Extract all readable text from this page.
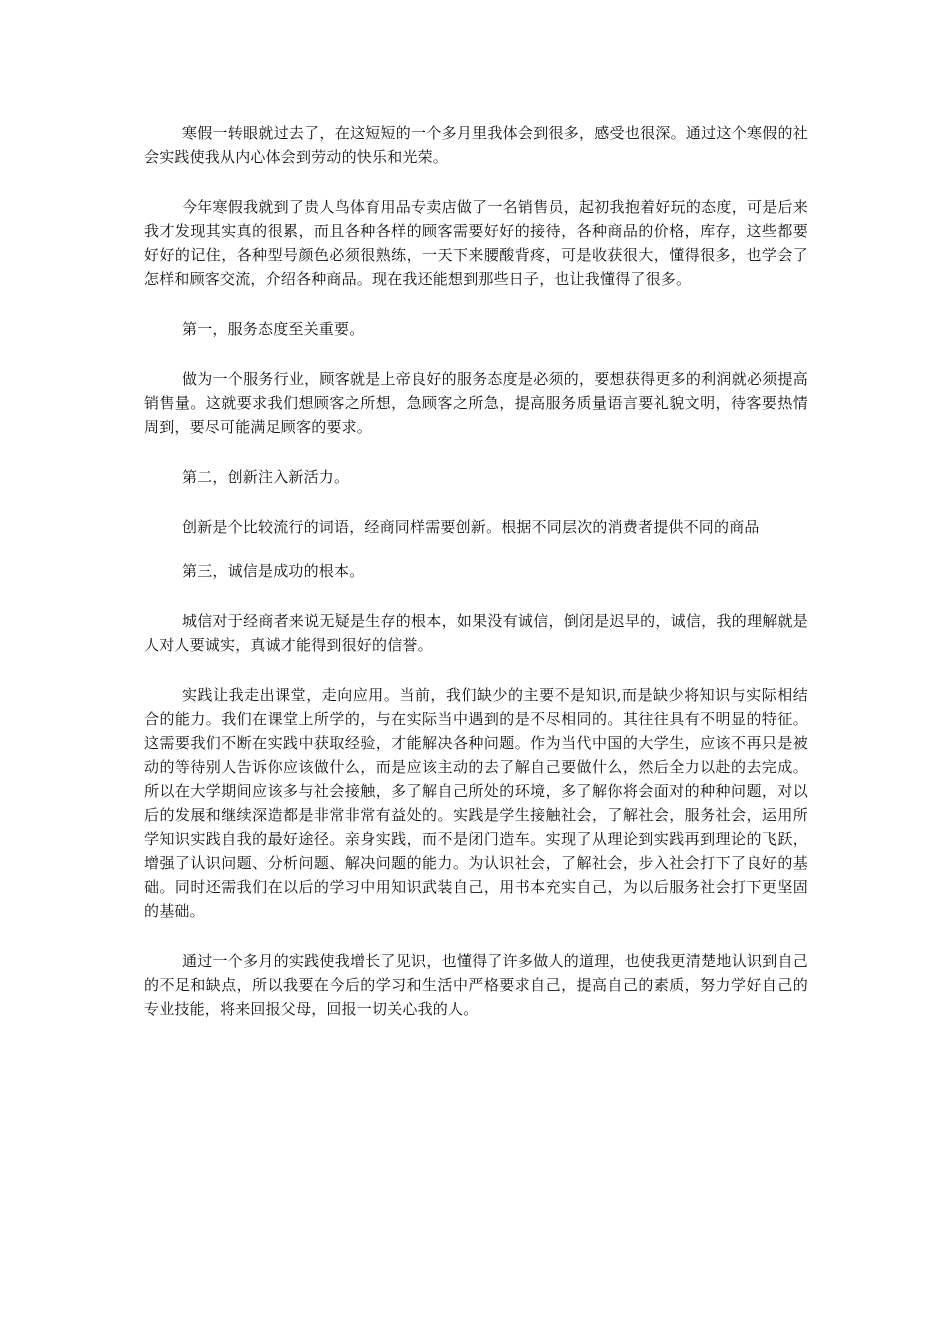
寒假一转眼就过去了，在这短短的一个多月里我体会到很多，感受也很深。通过这个寒假的社会实践使我从内心体会到劳动的快乐和光荣。

今年寒假我就到了贵人鸟体育用品专卖店做了一名销售员，起初我抱着好玩的态度，可是后来我才发现其实真的很累，而且各种各样的顾客需要好好的接待，各种商品的价格，库存，这些都要好好的记住，各种型号颜色必须很熟练，一天下来腰酸背疼，可是收获很大，懂得很多，也学会了怎样和顾客交流，介绍各种商品。现在我还能想到那些日子，也让我懂得了很多。

第一，服务态度至关重要。

做为一个服务行业，顾客就是上帝良好的服务态度是必须的，要想获得更多的利润就必须提高销售量。这就要求我们想顾客之所想，急顾客之所急，提高服务质量语言要礼貌文明，待客要热情周到，要尽可能满足顾客的要求。

第二，创新注入新活力。

创新是个比较流行的词语，经商同样需要创新。根据不同层次的消费者提供不同的商品

第三，诚信是成功的根本。

城信对于经商者来说无疑是生存的根本，如果没有诚信，倒闭是迟早的，诚信，我的理解就是人对人要诚实，真诚才能得到很好的信誉。

实践让我走出课堂，走向应用。当前，我们缺少的主要不是知识,而是缺少将知识与实际相结合的能力。我们在课堂上所学的，与在实际当中遇到的是不尽相同的。其往往具有不明显的特征。这需要我们不断在实践中获取经验，才能解决各种问题。作为当代中国的大学生，应该不再只是被动的等待别人告诉你应该做什么，而是应该主动的去了解自己要做什么，然后全力以赴的去完成。所以在大学期间应该多与社会接触，多了解自己所处的环境，多了解你将会面对的种种问题，对以后的发展和继续深造都是非常非常有益处的。实践是学生接触社会，了解社会，服务社会，运用所学知识实践自我的最好途径。亲身实践，而不是闭门造车。实现了从理论到实践再到理论的飞跃，增强了认识问题、分析问题、解决问题的能力。为认识社会，了解社会，步入社会打下了良好的基础。同时还需我们在以后的学习中用知识武装自己，用书本充实自己，为以后服务社会打下更坚固的基础。

通过一个多月的实践使我增长了见识，也懂得了许多做人的道理，也使我更清楚地认识到自己的不足和缺点，所以我要在今后的学习和生活中严格要求自己，提高自己的素质，努力学好自己的专业技能，将来回报父母，回报一切关心我的人。
